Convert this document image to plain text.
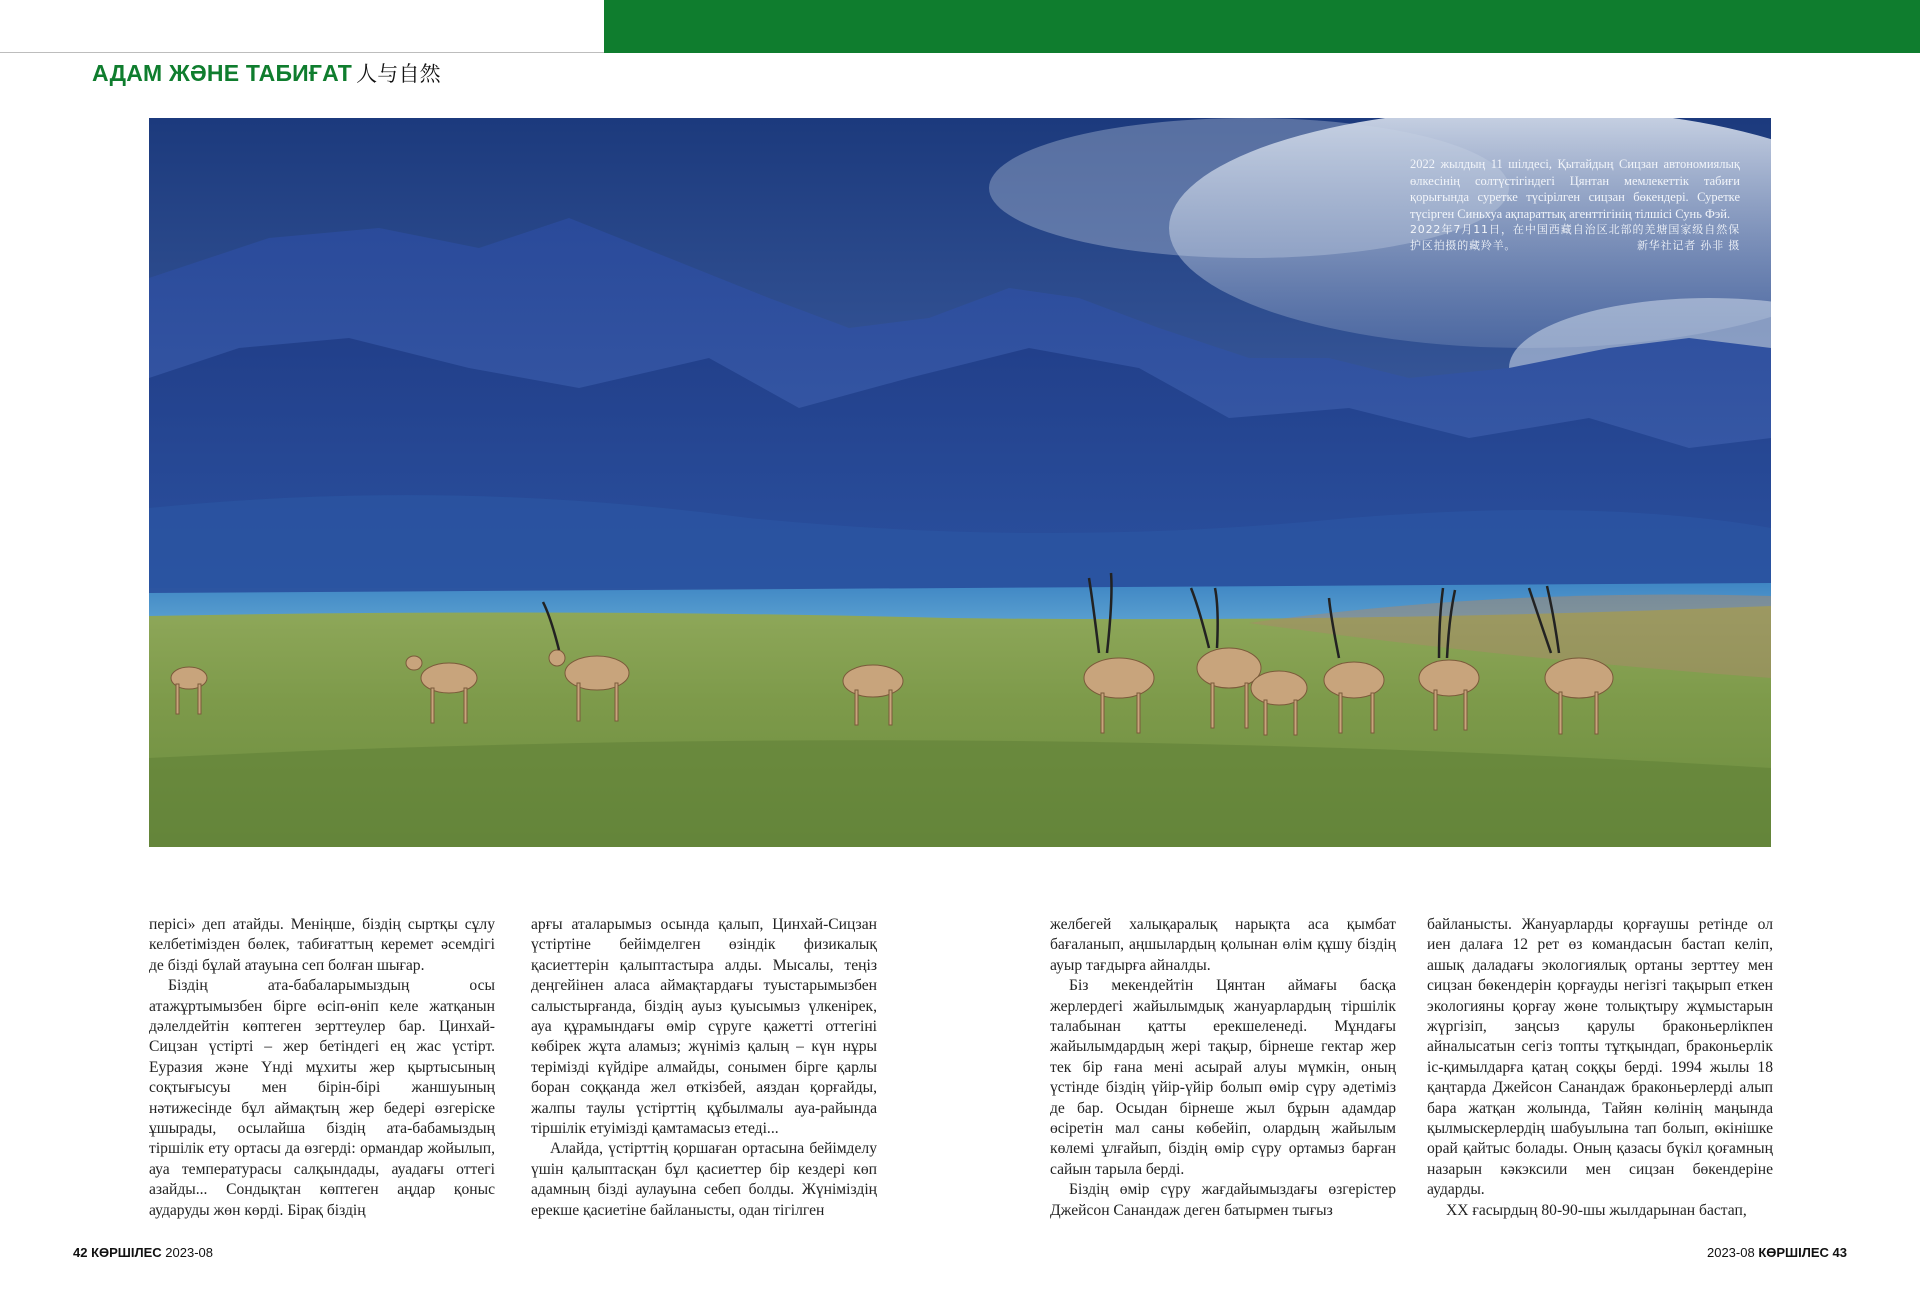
АДАМ ЖӘНЕ ТАБИҒАТ 人与自然
2022 жылдың 11 шілдесі, Қытайдың Сицзан автономиялық өлкесінің солтүстігіндегі Цянтан мемлекеттік табиғи қорығында суретке түсірілген сицзан бөкендері. Суретке түсірген Синьхуа ақпараттық агенттігінің тілшісі Сунь Фэй.
2022年7月11日，在中国西藏自治区北部的羌塘国家级自然保护区拍摄的藏羚羊。	新华社记者 孙非 摄

перісі» деп атайды. Меніңше, біздің сыртқы сұлу келбетімізден бөлек, табиғаттың керемет әсемдігі де бізді бұлай атауына сеп болған шығар.

Біздің ата-бабаларымыздың осы атажұртымызбен бірге өсіп-өніп келе жатқанын дәлелдейтін көптеген зерттеулер бар. Цинхай-Сицзан үстірті – жер бетіндегі ең жас үстірт. Еуразия және Үнді мұхиты жер қыртысының соқтығысуы мен бірін-бірі жаншуының нәтижесінде бұл аймақтың жер бедері өзгеріске ұшырады, осылайша біздің ата-бабамыздың тіршілік ету ортасы да өзгерді: ормандар жойылып, ауа температурасы салқындады, ауадағы оттегі азайды... Сондықтан көптеген аңдар қоныс аударуды жөн көрді. Бірақ біздің

арғы аталарымыз осында қалып, Цинхай-Сицзан үстіртіне бейімделген өзіндік физикалық қасиеттерін қалыптастыра алды. Мысалы, теңіз деңгейінен аласа аймақтардағы туыстарымызбен салыстырғанда, біздің ауыз қуысымыз үлкенірек, ауа құрамындағы өмір сүруге қажетті оттегіні көбірек жұта аламыз; жүніміз қалың – күн нұры терімізді күйдіре алмайды, сонымен бірге қарлы боран соққанда жел өткізбей, аяздан қорғайды, жалпы таулы үстірттің құбылмалы ауа-райында тіршілік етуімізді қамтамасыз етеді...

Алайда, үстірттің қоршаған ортасына бейімделу үшін қалыптасқан бұл қасиеттер бір кездері көп адамның бізді аулауына себеп болды. Жүніміздің ерекше қасиетіне байланысты, одан тігілген

желбегей халықаралық нарықта аса қымбат бағаланып, аңшылардың қолынан өлім құшу біздің ауыр тағдырға айналды.

Біз мекендейтін Цянтан аймағы басқа жерлердегі жайылымдық жануарлардың тіршілік талабынан қатты ерекшеленеді. Мұндағы жайылымдардың жері тақыр, бірнеше гектар жер тек бір ғана мені асырай алуы мүмкін, оның үстінде біздің үйір-үйір болып өмір сүру әдетіміз де бар. Осыдан бірнеше жыл бұрын адамдар өсіретін мал саны көбейіп, олардың жайылым көлемі ұлғайып, біздің өмір сүру ортамыз барған сайын тарыла берді.

Біздің өмір сүру жағдайымыздағы өзгерістер Джейсон Санандаж деген батырмен тығыз

байланысты. Жануарларды қорғаушы ретінде ол иен далаға 12 рет өз командасын бастап келіп, ашық даладағы экологиялық ортаны зерттеу мен сицзан бөкендерін қорғауды негізгі тақырып еткен экологияны қорғау жөне толықтыру жұмыстарын жүргізіп, заңсыз қарулы браконьерлікпен айналысатын сегіз топты тұтқындап, браконьерлік іс-қимылдарға қатаң соққы берді. 1994 жылы 18 қаңтарда Джейсон Санандаж браконьерлерді алып бара жатқан жолында, Тайян көлінің маңында қылмыскерлердің шабуылына тап болып, өкінішке орай қайтыс болады. Оның қазасы бүкіл қоғамның назарын кәкэксили мен сицзан бөкендеріне аударды.

XX ғасырдың 80-90-шы жылдарынан бастап,

42 КӨРШІЛЕС 2023-08	2023-08 КӨРШІЛЕС 43
